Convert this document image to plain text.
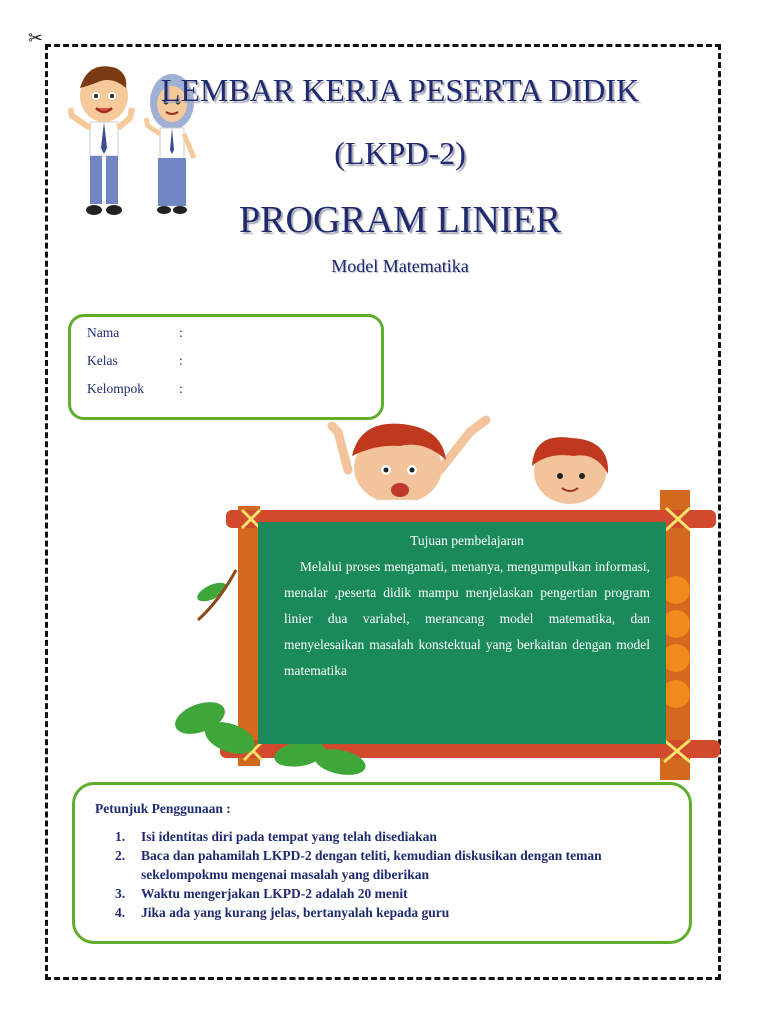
✂
LEMBAR KERJA PESERTA DIDIK
(LKPD-2)
PROGRAM LINIER
Model Matematika
Nama	:
Kelas	:
Kelompok	:
Tujuan pembelajaran
Melalui proses mengamati, menanya, mengumpulkan informasi, menalar ,peserta didik mampu menjelaskan pengertian program linier dua variabel, merancang model matematika, dan menyelesaikan masalah konstektual yang berkaitan dengan model matematika
Petunjuk Penggunaan :
1. Isi identitas diri pada tempat yang telah disediakan
2. Baca dan pahamilah LKPD-2 dengan teliti, kemudian diskusikan dengan teman sekelompokmu mengenai masalah yang diberikan
3. Waktu mengerjakan LKPD-2 adalah 20 menit
4. Jika ada yang kurang jelas, bertanyalah kepada guru
